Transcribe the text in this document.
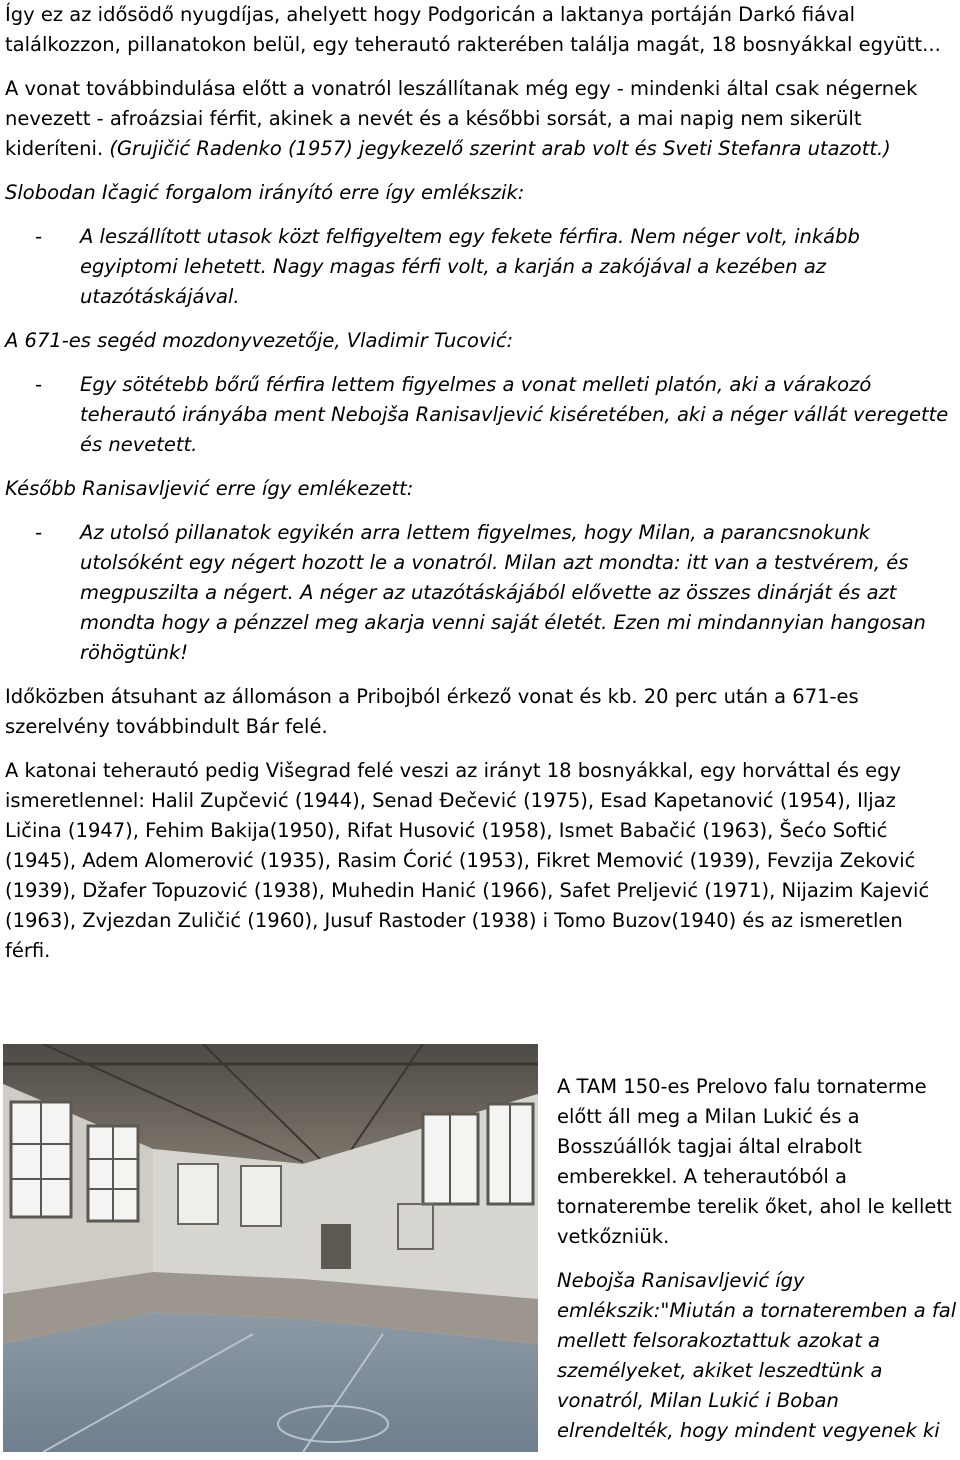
Így ez az idősödő nyugdíjas, ahelyett hogy Podgoricán a laktanya portáján Darkó fiával találkozzon, pillanatokon belül, egy teherautó rakterében találja magát, 18 bosnyákkal együtt...

A vonat továbbindulása előtt a vonatról leszállítanak még egy - mindenki által csak négernek nevezett - afroázsiai férfit, akinek a nevét és a későbbi sorsát, a mai napig nem sikerült kideríteni. (Grujičić Radenko (1957) jegykezelő szerint arab volt és Sveti Stefanra utazott.)

Slobodan Ičagić forgalom irányító erre így emlékszik:

-	A leszállított utasok közt felfigyeltem egy fekete férfira. Nem néger volt, inkább egyiptomi lehetett. Nagy magas férfi volt, a karján a zakójával a kezében az utazótáskájával.

A 671-es segéd mozdonyvezetője, Vladimir Tucović:

-	Egy sötétebb bőrű férfira lettem figyelmes a vonat melleti platón, aki a várakozó teherautó irányába ment Nebojša Ranisavljević kiséretében, aki a néger vállát veregette és nevetett.

Később Ranisavljević erre így emlékezett:

-	Az utolsó pillanatok egyikén arra lettem figyelmes, hogy Milan, a parancsnokunk utolsóként egy négert hozott le a vonatról. Milan azt mondta: itt van a testvérem, és megpuszilta a négert. A néger az utazótáskájából elővette az összes dinárját és azt mondta hogy a pénzzel meg akarja venni saját életét. Ezen mi mindannyian hangosan röhögtünk!

Időközben átsuhant az állomáson a Pribojból érkező vonat és kb. 20 perc után a 671-es szerelvény továbbindult Bár felé.

A katonai teherautó pedig Višegrad felé veszi az irányt 18 bosnyákkal, egy horváttal és egy ismeretlennel: Halil Zupčević (1944), Senad Đečević (1975), Esad Kapetanović (1954), Iljaz Ličina (1947), Fehim Bakija(1950), Rifat Husović (1958), Ismet Babačić (1963), Šećo Softić (1945), Adem Alomerović (1935), Rasim Ćorić (1953), Fikret Memović (1939), Fevzija Zeković (1939), Džafer Topuzović (1938), Muhedin Hanić (1966), Safet Preljević (1971), Nijazim Kajević (1963), Zvjezdan Zuličić (1960), Jusuf Rastoder (1938) i Tomo Buzov(1940) és az ismeretlen férfi.

A TAM 150-es Prelovo falu tornaterme előtt áll meg a Milan Lukić és a Bosszúállók tagjai által elrabolt emberekkel. A teherautóból a tornaterembe terelik őket, ahol le kellett vetkőzniük.

Nebojša Ranisavljević így emlékszik:"Miután a tornateremben a fal mellett felsorakoztattuk azokat a személyeket, akiket leszedtünk a vonatról, Milan Lukić i Boban elrendelték, hogy mindent vegyenek ki
